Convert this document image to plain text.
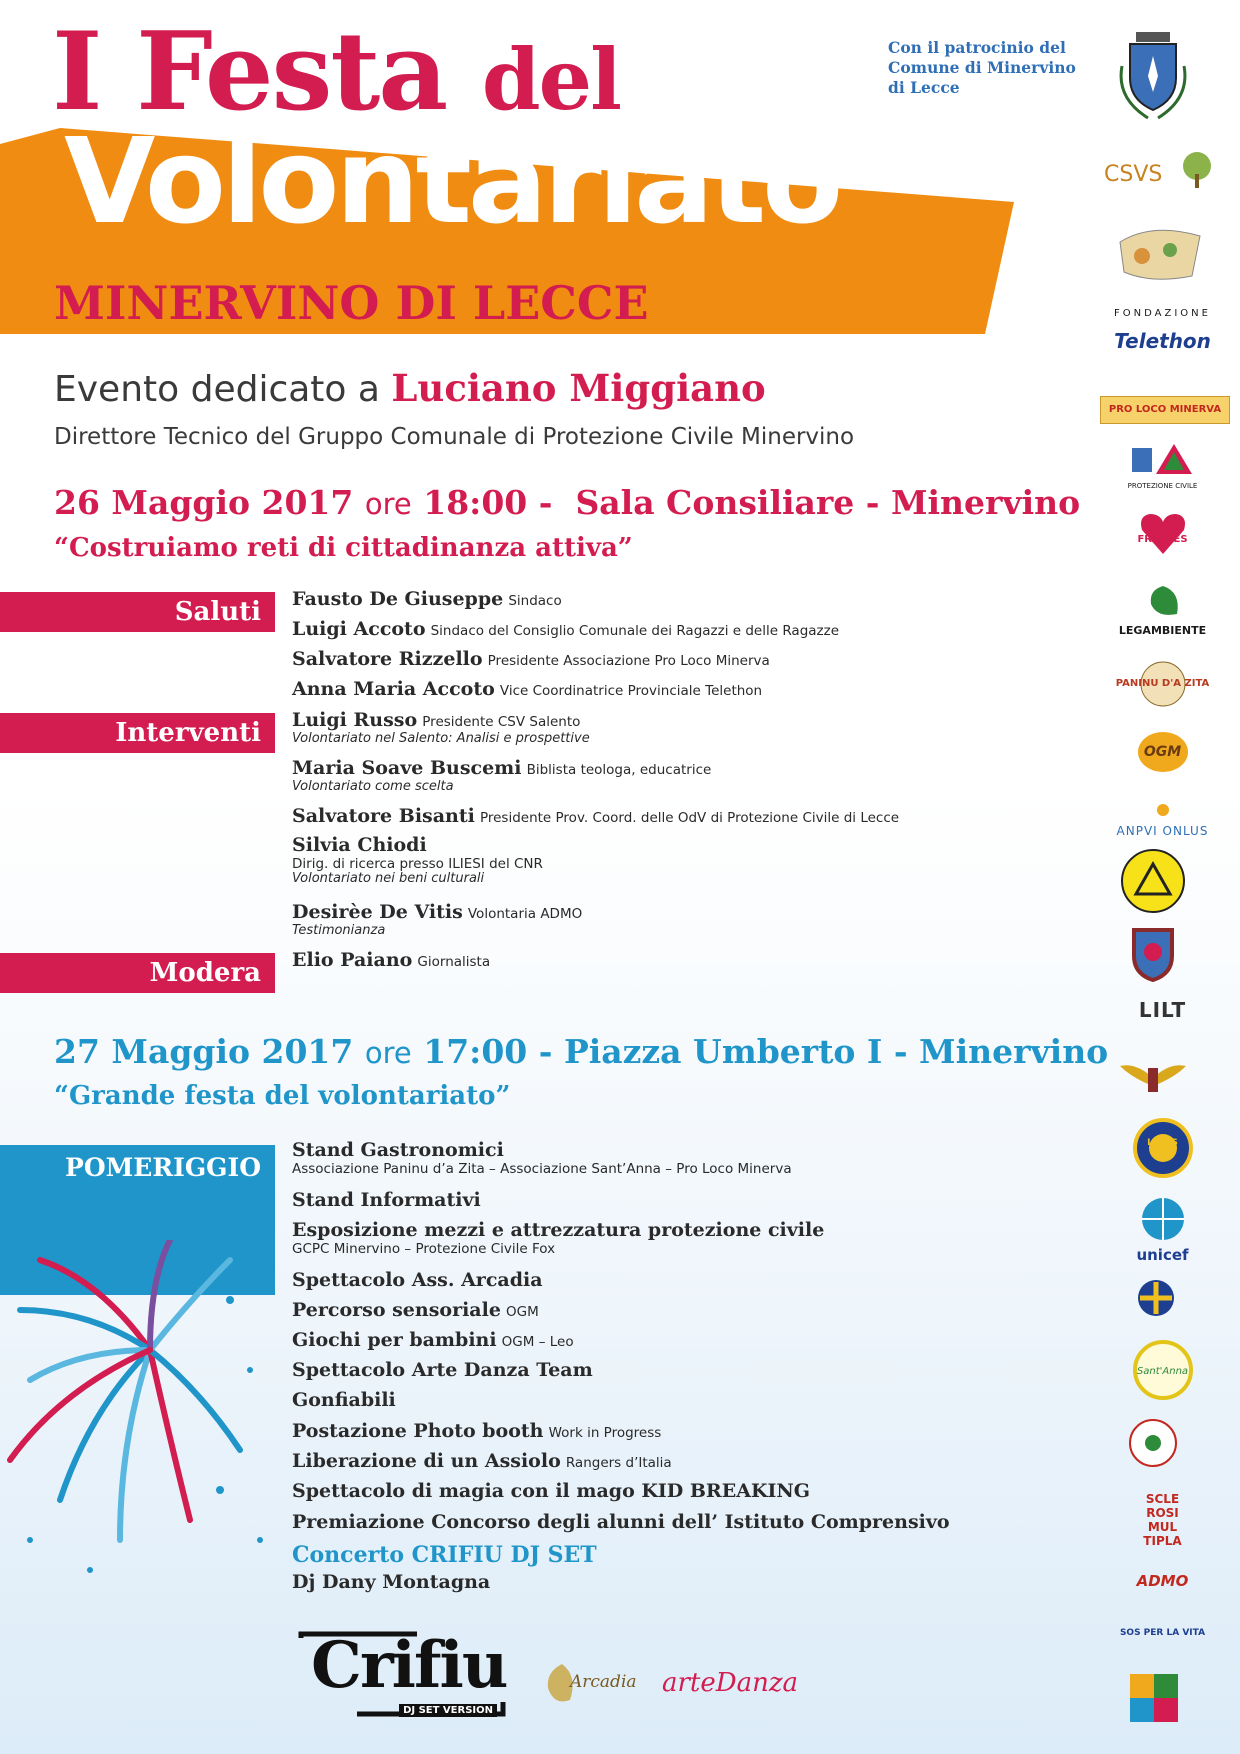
I Festa del
Volontariato
MINERVINO DI LECCE
Con il patrocinio del Comune di Minervino di Lecce
Evento dedicato a Luciano Miggiano
Direttore Tecnico del Gruppo Comunale di Protezione Civile Minervino
26 Maggio 2017 ore 18:00 - Sala Consiliare - Minervino
“Costruiamo reti di cittadinanza attiva”
Saluti
Interventi
Modera
Fausto De Giuseppe Sindaco
Luigi Accoto Sindaco del Consiglio Comunale dei Ragazzi e delle Ragazze
Salvatore Rizzello Presidente Associazione Pro Loco Minerva
Anna Maria Accoto Vice Coordinatrice Provinciale Telethon
Luigi Russo Presidente CSV Salento
Volontariato nel Salento: Analisi e prospettive
Maria Soave Buscemi Biblista teologa, educatrice
Volontariato come scelta
Salvatore Bisanti Presidente Prov. Coord. delle OdV di Protezione Civile di Lecce
Silvia Chiodi
Dirig. di ricerca presso ILIESI del CNR
Volontariato nei beni culturali
Desirèe De Vitis Volontaria ADMO
Testimonianza
Elio Paiano Giornalista
27 Maggio 2017 ore 17:00 - Piazza Umberto I - Minervino
“Grande festa del volontariato”
POMERIGGIO
Stand Gastronomici
Associazione Paninu d’a Zita – Associazione Sant’Anna – Pro Loco Minerva
Stand Informativi
Esposizione mezzi e attrezzatura protezione civile
GCPC Minervino – Protezione Civile Fox
Spettacolo Ass. Arcadia
Percorso sensoriale OGM
Giochi per bambini OGM – Leo
Spettacolo Arte Danza Team
Gonfiabili
Postazione Photo booth Work in Progress
Liberazione di un Assiolo Rangers d’Italia
Spettacolo di magia con il mago KID BREAKING
Premiazione Concorso degli alunni dell’ Istituto Comprensivo
Concerto CRIFIU DJ SET
Dj Dany Montagna
Crifiu
DJ SET VERSION
Arcadia arteDanza
CSVS
FONDAZIONE
Telethon
PRO LOCO MINERVA
PROTEZIONE CIVILE
FRATRES
LEGAMBIENTE
PANINU D'A ZITA
OGM
ANPVI ONLUS
LILT
LIONS
unicef
Sant'Anna
SCLE ROSI MUL TIPLA
ADMO
SOS PER LA VITA
